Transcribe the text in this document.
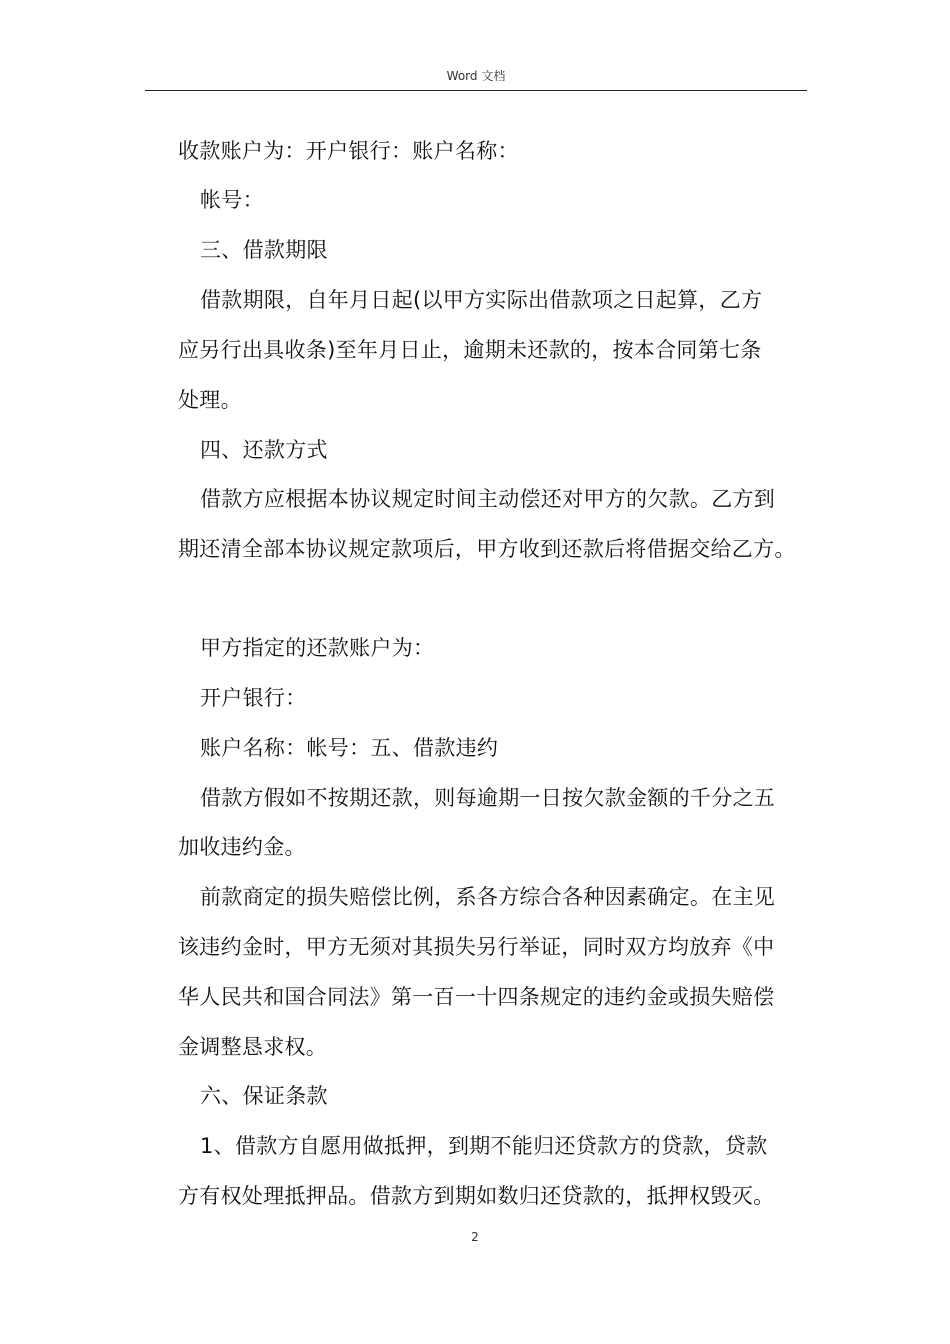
Word 文档
收款账户为：开户银行：账户名称：
帐号：
三、借款期限
借款期限，自年月日起(以甲方实际出借款项之日起算，乙方
应另行出具收条)至年月日止，逾期未还款的，按本合同第七条
处理。
四、还款方式
借款方应根据本协议规定时间主动偿还对甲方的欠款。乙方到
期还清全部本协议规定款项后，甲方收到还款后将借据交给乙方。
甲方指定的还款账户为：
开户银行：
账户名称：帐号：五、借款违约
借款方假如不按期还款，则每逾期一日按欠款金额的千分之五
加收违约金。
前款商定的损失赔偿比例，系各方综合各种因素确定。在主见
该违约金时，甲方无须对其损失另行举证，同时双方均放弃《中
华人民共和国合同法》第一百一十四条规定的违约金或损失赔偿
金调整恳求权。
六、保证条款
1、借款方自愿用做抵押，到期不能归还贷款方的贷款，贷款
方有权处理抵押品。借款方到期如数归还贷款的，抵押权毁灭。
2
